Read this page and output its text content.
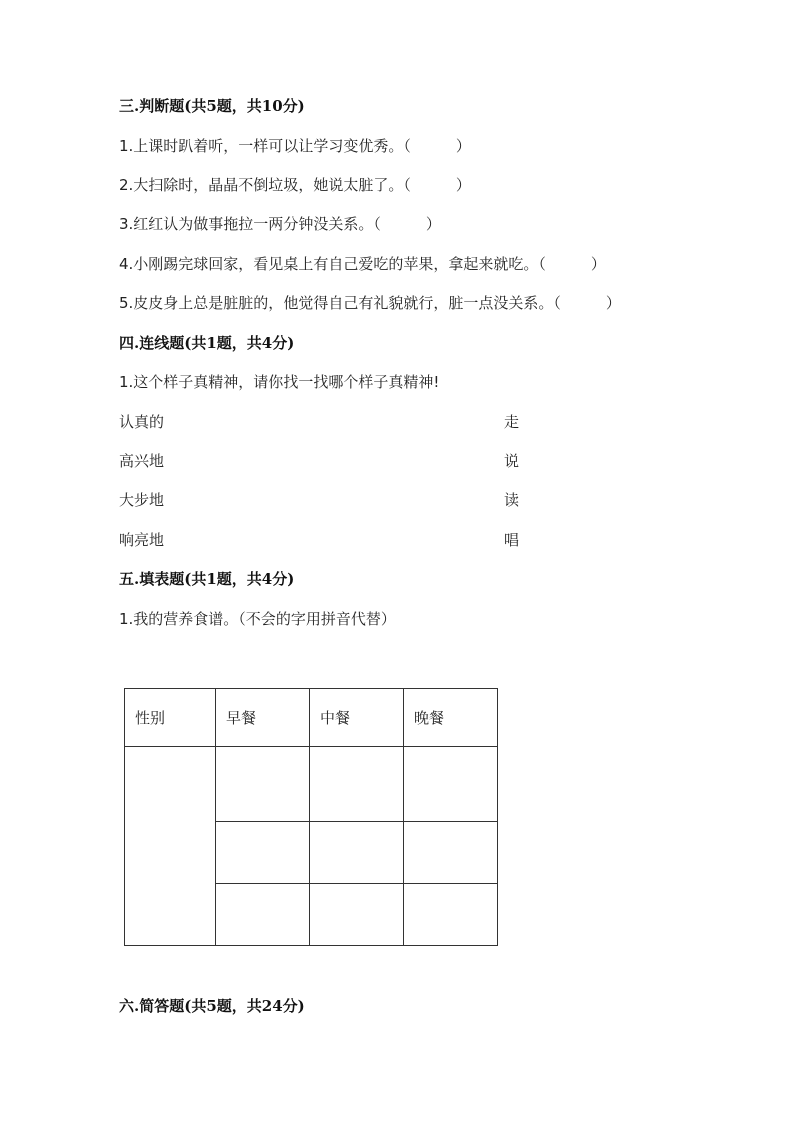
三.判断题(共5题，共10分)
1.上课时趴着听，一样可以让学习变优秀。（　　　）
2.大扫除时，晶晶不倒垃圾，她说太脏了。（　　　）
3.红红认为做事拖拉一两分钟没关系。（　　　）
4.小刚踢完球回家，看见桌上有自己爱吃的苹果，拿起来就吃。（　　　）
5.皮皮身上总是脏脏的，他觉得自己有礼貌就行，脏一点没关系。（　　　）
四.连线题(共1题，共4分)
1.这个样子真精神，请你找一找哪个样子真精神!
认真的	走
高兴地	说
大步地	读
响亮地	唱
五.填表题(共1题，共4分)
1.我的营养食谱。（不会的字用拼音代替）
性别	早餐	中餐	晚餐

六.简答题(共5题，共24分)
